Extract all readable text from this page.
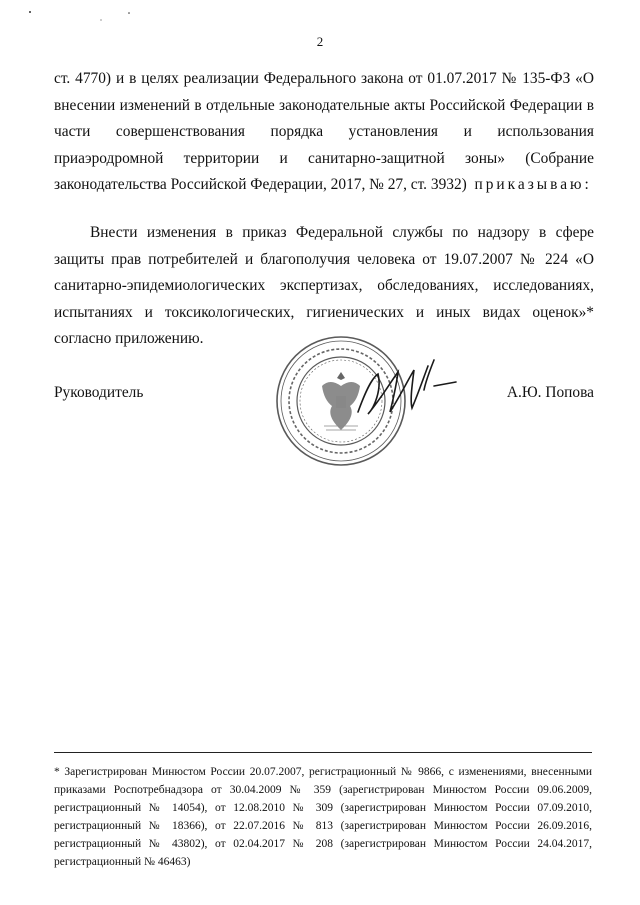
2

ст. 4770) и в целях реализации Федерального закона от 01.07.2017 № 135-ФЗ «О внесении изменений в отдельные законодательные акты Российской Федерации в части совершенствования порядка установления и использования приаэродромной территории и санитарно-защитной зоны» (Собрание законодательства Российской Федерации, 2017, № 27, ст. 3932) приказываю:

Внести изменения в приказ Федеральной службы по надзору в сфере защиты прав потребителей и благополучия человека от 19.07.2007 № 224 «О санитарно-эпидемиологических экспертизах, обследованиях, исследованиях, испытаниях и токсикологических, гигиенических и иных видах оценок»* согласно приложению.

Руководитель	А.Ю. Попова

* Зарегистрирован Минюстом России 20.07.2007, регистрационный № 9866, с изменениями, внесенными приказами Роспотребнадзора от 30.04.2009 № 359 (зарегистрирован Минюстом России 09.06.2009, регистрационный № 14054), от 12.08.2010 № 309 (зарегистрирован Минюстом России 07.09.2010, регистрационный № 18366), от 22.07.2016 № 813 (зарегистрирован Минюстом России 26.09.2016, регистрационный № 43802), от 02.04.2017 № 208 (зарегистрирован Минюстом России 24.04.2017, регистрационный № 46463)
